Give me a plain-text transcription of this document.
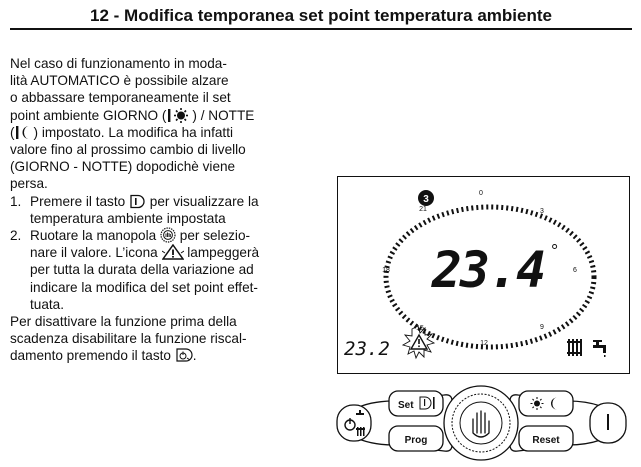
12 - Modifica temporanea set point temperatura ambiente

Nel caso di funzionamento in moda-
lità AUTOMATICO è possibile alzare
o abbassare temporaneamente il set
point ambiente GIORNO ( ) / NOTTE
( ) impostato. La modifica ha infatti
valore fino al prossimo cambio di livello
(GIORNO - NOTTE) dopodichè viene
persa.

1. Premere il tasto per visualizzare la
temperatura ambiente impostata
2. Ruotare la manopola per selezio-
nare il valore. L’icona lampeggerà
per tutta la durata della variazione ad
indicare la modifica del set point effet-
tuata.

Per disattivare la funzione prima della
scadenza disabilitare la funzione riscal-
damento premendo il tasto .

3
0
3
6
9
12
15
18
21
23.4 °
23.2
Set
Prog	Reset
